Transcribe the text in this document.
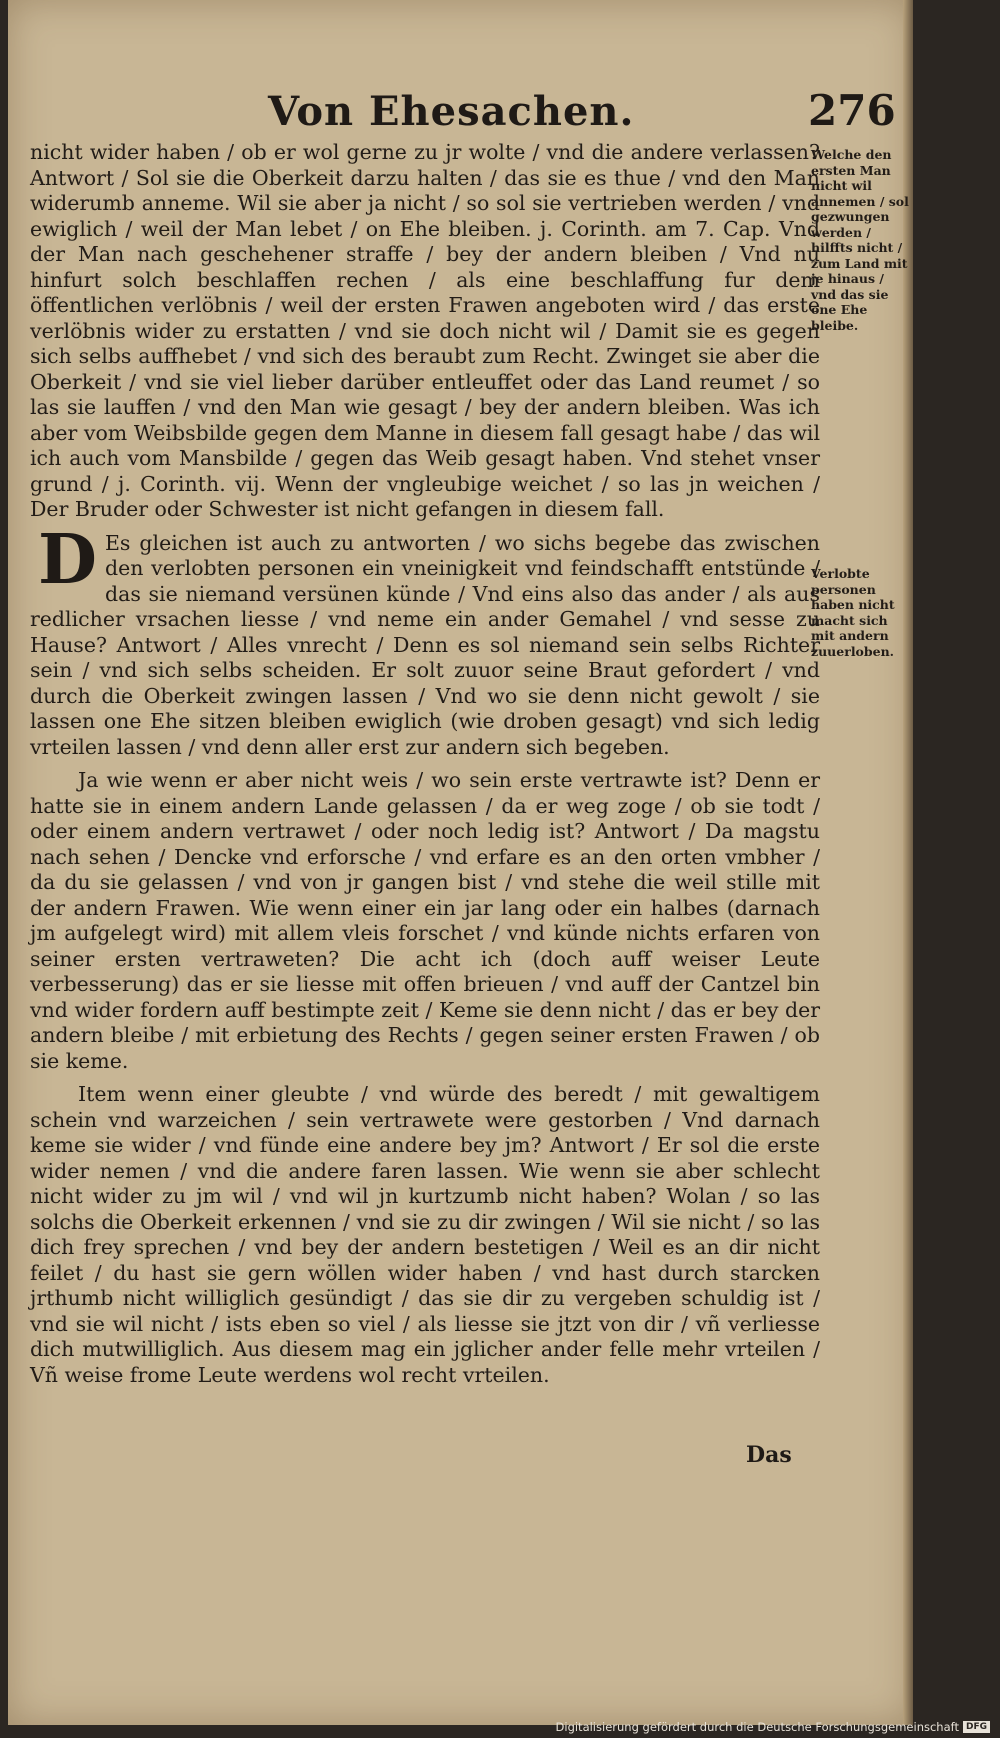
Von Ehesachen.	276

nicht wider haben / ob er wol gerne zu jr wolte / vnd die andere verlassen? Antwort / Sol sie die Oberkeit darzu halten / das sie es thue / vnd den Man widerumb anneme. Wil sie aber ja nicht / so sol sie vertrieben werden / vnd ewiglich / weil der Man lebet / on Ehe bleiben. j. Corinth. am 7. Cap. Vnd der Man nach geschehener straffe / bey der andern bleiben / Vnd nu hinfurt solch beschlaffen rechen / als eine beschlaffung fur dem öffentlichen verlöbnis / weil der ersten Frawen angeboten wird / das erste verlöbnis wider zu erstatten / vnd sie doch nicht wil / Damit sie es gegen sich selbs auffhebet / vnd sich des beraubt zum Recht. Zwinget sie aber die Oberkeit / vnd sie viel lieber darüber entleuffet oder das Land reumet / so las sie lauffen / vnd den Man wie gesagt / bey der andern bleiben. Was ich aber vom Weibsbilde gegen dem Manne in diesem fall gesagt habe / das wil ich auch vom Mansbilde / gegen das Weib gesagt haben. Vnd stehet vnser grund / j. Corinth. vij. Wenn der vngleubige weichet / so las jn weichen / Der Bruder oder Schwester ist nicht gefangen in diesem fall.

D Es gleichen ist auch zu antworten / wo sichs begebe das zwischen den verlobten personen ein vneinigkeit vnd feindschafft entstünde / das sie niemand versünen künde / Vnd eins also das ander / als aus redlicher vrsachen liesse / vnd neme ein ander Gemahel / vnd sesse zu Hause? Antwort / Alles vnrecht / Denn es sol niemand sein selbs Richter sein / vnd sich selbs scheiden. Er solt zuuor seine Braut gefordert / vnd durch die Oberkeit zwingen lassen / Vnd wo sie denn nicht gewolt / sie lassen one Ehe sitzen bleiben ewiglich (wie droben gesagt) vnd sich ledig vrteilen lassen / vnd denn aller erst zur andern sich begeben.

Ja wie wenn er aber nicht weis / wo sein erste vertrawte ist? Denn er hatte sie in einem andern Lande gelassen / da er weg zoge / ob sie todt / oder einem andern vertrawet / oder noch ledig ist? Antwort / Da magstu nach sehen / Dencke vnd erforsche / vnd erfare es an den orten vmbher / da du sie gelassen / vnd von jr gangen bist / vnd stehe die weil stille mit der andern Frawen. Wie wenn einer ein jar lang oder ein halbes (darnach jm aufgelegt wird) mit allem vleis forschet / vnd künde nichts erfaren von seiner ersten vertraweten? Die acht ich (doch auff weiser Leute verbesserung) das er sie liesse mit offen brieuen / vnd auff der Cantzel bin vnd wider fordern auff bestimpte zeit / Keme sie denn nicht / das er bey der andern bleibe / mit erbietung des Rechts / gegen seiner ersten Frawen / ob sie keme.

Item wenn einer gleubte / vnd würde des beredt / mit gewaltigem schein vnd warzeichen / sein vertrawete were gestorben / Vnd darnach keme sie wider / vnd fünde eine andere bey jm? Antwort / Er sol die erste wider nemen / vnd die andere faren lassen. Wie wenn sie aber schlecht nicht wider zu jm wil / vnd wil jn kurtzumb nicht haben? Wolan / so las solchs die Oberkeit erkennen / vnd sie zu dir zwingen / Wil sie nicht / so las dich frey sprechen / vnd bey der andern bestetigen / Weil es an dir nicht feilet / du hast sie gern wöllen wider haben / vnd hast durch starcken jrthumb nicht williglich gesündigt / das sie dir zu vergeben schuldig ist / vnd sie wil nicht / ists eben so viel / als liesse sie jtzt von dir / vñ verliesse dich mutwilliglich. Aus diesem mag ein jglicher ander felle mehr vrteilen / Vñ weise frome Leute werdens wol recht vrteilen.

Welche den ersten Man nicht wil annemen / sol gezwungen werden / hilffts nicht / zum Land mit je hinaus / vnd das sie one Ehe bleibe.
Verlobte personen haben nicht macht sich mit andern zuuerloben.
Das
Digitalisierung gefördert durch die Deutsche Forschungsgemeinschaft DFG
